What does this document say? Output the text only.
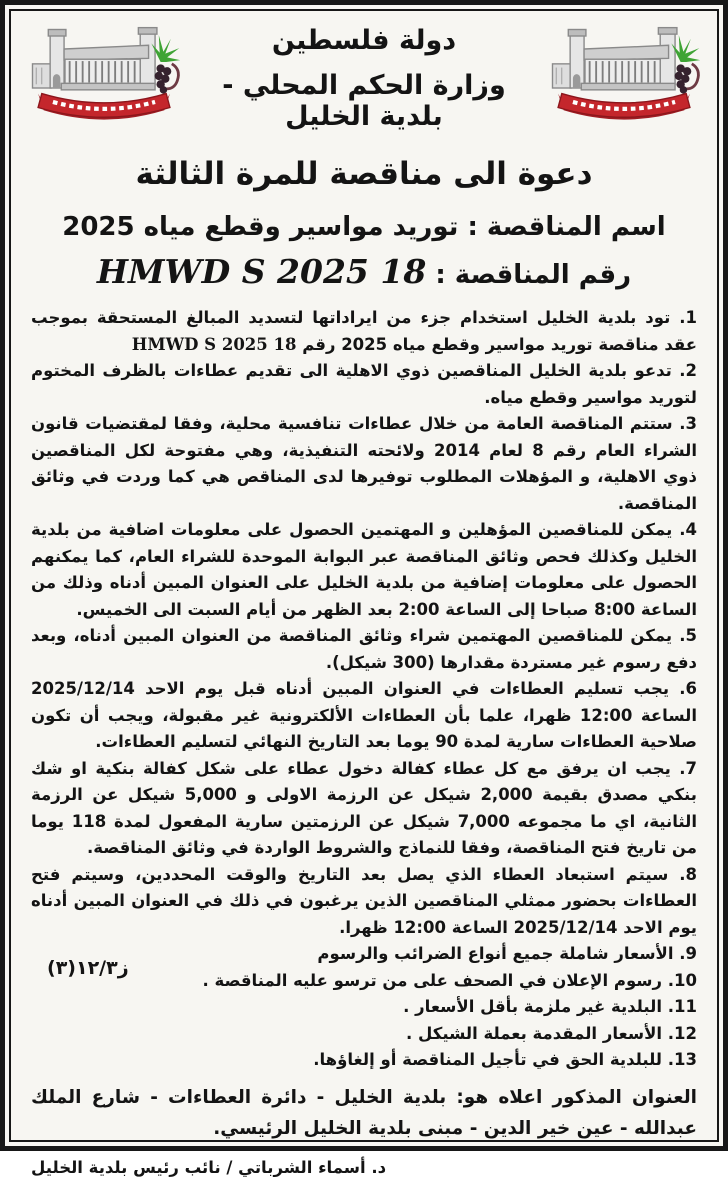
دولة فلسطين
وزارة الحكم المحلي - بلدية الخليل
دعوة الى مناقصة للمرة الثالثة
اسم المناقصة : توريد مواسير وقطع مياه 2025
رقم المناقصة : HMWD S 2025 18
1. تود بلدية الخليل استخدام جزء من ايراداتها لتسديد المبالغ المستحقة بموجب عقد مناقصة توريد مواسير وقطع مياه 2025 رقم HMWD S 2025 18
2. تدعو بلدية الخليل المناقصين ذوي الاهلية الى تقديم عطاءات بالظرف المختوم لتوريد مواسير وقطع مياه.
3. ستتم المناقصة العامة من خلال عطاءات تنافسية محلية، وفقا لمقتضيات قانون الشراء العام رقم 8 لعام 2014 ولائحته التنفيذية، وهي مفتوحة لكل المناقصين ذوي الاهلية، و المؤهلات المطلوب توفيرها لدى المناقص هي كما وردت في وثائق المناقصة.
4. يمكن للمناقصين المؤهلين و المهتمين الحصول على معلومات اضافية من بلدية الخليل وكذلك فحص وثائق المناقصة عبر البوابة الموحدة للشراء العام، كما يمكنهم الحصول على معلومات إضافية من بلدية الخليل على العنوان المبين أدناه وذلك من الساعة 8:00 صباحا إلى الساعة 2:00 بعد الظهر من أيام السبت الى الخميس.
5. يمكن للمناقصين المهتمين شراء وثائق المناقصة من العنوان المبين أدناه، وبعد دفع رسوم غير مستردة مقدارها (300 شيكل).
6. يجب تسليم العطاءات في العنوان المبين أدناه قبل يوم الاحد 2025/12/14 الساعة 12:00 ظهرا، علما بأن العطاءات الألكترونية غير مقبولة، ويجب أن تكون صلاحية العطاءات سارية لمدة 90 يوما بعد التاريخ النهائي لتسليم العطاءات.
7. يجب ان يرفق مع كل عطاء كفالة دخول عطاء على شكل كفالة بنكية او شك بنكي مصدق بقيمة 2,000 شيكل عن الرزمة الاولى و 5,000 شيكل عن الرزمة الثانية، اي ما مجموعه 7,000 شيكل عن الرزمتين سارية المفعول لمدة 118 يوما من تاريخ فتح المناقصة، وفقا للنماذج والشروط الواردة في وثائق المناقصة.
8. سيتم استبعاد العطاء الذي يصل بعد التاريخ والوقت المحددين، وسيتم فتح العطاءات بحضور ممثلي المناقصين الذين يرغبون في ذلك في العنوان المبين أدناه يوم الاحد 2025/12/14 الساعة 12:00 ظهرا.
9. الأسعار شاملة جميع أنواع الضرائب والرسوم
10. رسوم الإعلان في الصحف على من ترسو عليه المناقصة .
11. البلدية غير ملزمة بأقل الأسعار .
12. الأسعار المقدمة بعملة الشيكل .
13. للبلدية الحق في تأجيل المناقصة أو إلغاؤها.
ز١٢/٣(٣)
العنوان المذكور اعلاه هو: بلدية الخليل - دائرة العطاءات - شارع الملك عبدالله - عين خير الدين - مبنى بلدية الخليل الرئيسي.
د. أسماء الشرباتي / نائب رئيس بلدية الخليل
